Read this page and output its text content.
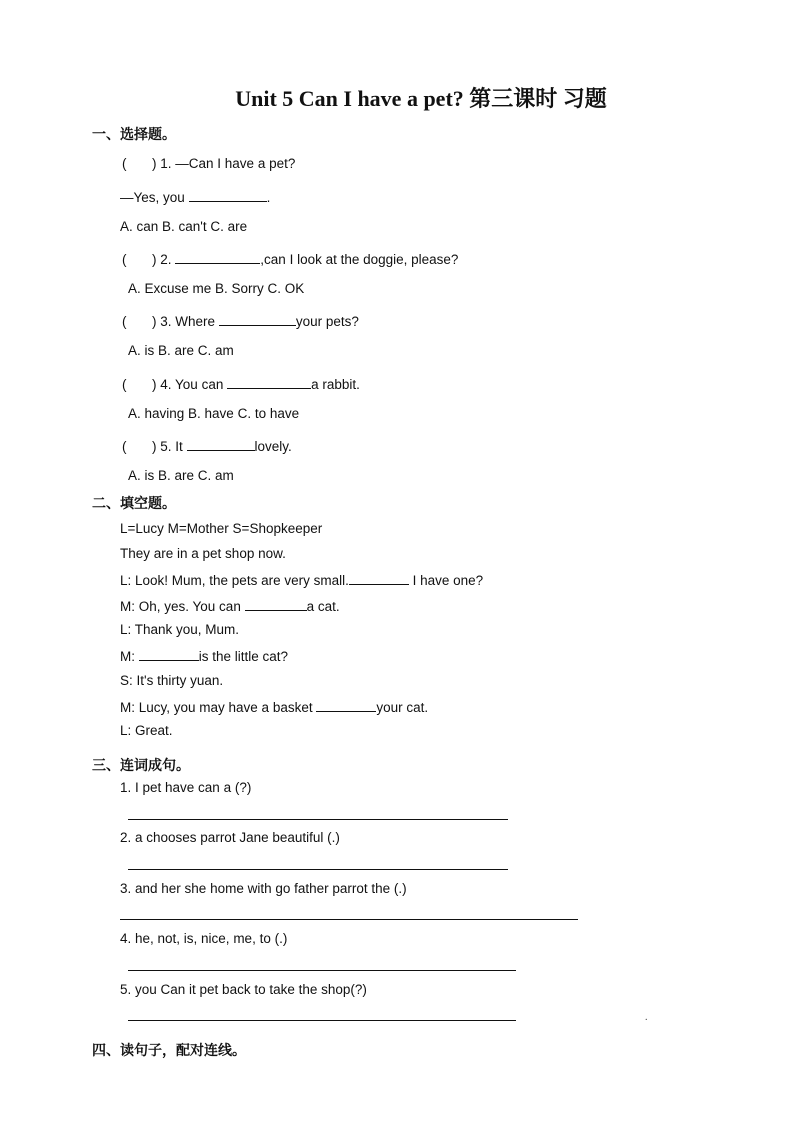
Unit 5 Can I have a pet? 第三课时 习题
一、选择题。
( ) 1. —Can I have a pet?
—Yes, you	.
A. can B. can't C. are
( ) 2.	,can I look at the doggie, please?
A. Excuse me B. Sorry C. OK
( ) 3. Where	your pets?
A. is B. are C. am
( ) 4. You can	a rabbit.
A. having B. have C. to have
( ) 5. It	lovely.
A. is B. are C. am
二、填空题。
L=Lucy M=Mother S=Shopkeeper
They are in a pet shop now.
L: Look! Mum, the pets are very small.	I have one?
M: Oh, yes. You can	a cat.
L: Thank you, Mum.
M:	is the little cat?
S: It's thirty yuan.
M: Lucy, you may have a basket	your cat.
L: Great.
三、连词成句。
1. I pet have can a (?)
2. a chooses parrot Jane beautiful (.)
3. and her she home with go father parrot the (.)
4. he, not, is, nice, me, to (.)
5. you Can it pet back to take the shop(?)
.
四、读句子，配对连线。
